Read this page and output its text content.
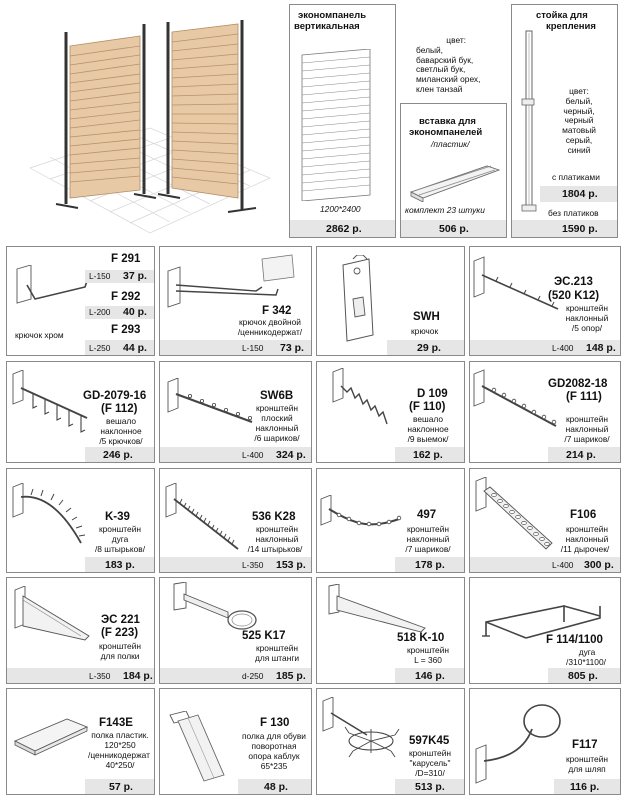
экономпанель
вертикальная
1200*2400
2862 р.
цвет:
белый,
баварский бук,
светлый бук,
миланский орех,
клен танзай
вставка для
экономпанелей
/пластик/
комплект 23 штуки
506 р.
стойка для
крепления
цвет:
белый,
черный,
черный
матовый
серый,
синий
с платиками
1804 р.
без платиков
1590 р.
F 291
L-150 37 р.
F 292
L-200 40 р.
F 293
крючок хром
L-250 44 р.
F 342
крючок двойной
/ценникодержат/
L-150 73 р.
SWH
крючок
29 р.
ЭС.213
(520 K12)
кронштейн
наклонный
/5 опор/
L-400 148 р.
GD-2079-16
(F 112)
вешало
наклонное
/5 крючков/
246 р.
SW6B
кронштейн
плоский
наклонный
/6 шариков/
L-400 324 р.
D 109
(F 110)
вешало
наклонное
/9 выемок/
162 р.
GD2082-18
(F 111)
кронштейн
наклонный
/7 шариков/
214 р.
K-39
кронштейн
дуга
/8 штырьков/
183 р.
536 K28
кронштейн
наклонный
/14 штырьков/
L-350 153 р.
497
кронштейн
наклонный
/7 шариков/
178 р.
F106
кронштейн
наклонный
/11 дырочек/
L-400 300 р.
ЭС 221
(F 223)
кронштейн
для полки
L-350 184 р.
525 K17
кронштейн
для штанги
d-250 185 р.
518 K-10
кронштейн
L = 360
146 р.
F 114/1100
дуга
/310*1100/
805 р.
F143E
полка пластик.
120*250
/ценникодержат
40*250/
57 р.
F 130
полка для обуви
поворотная
опора каблук
65*235
48 р.
597K45
кронштейн
"карусель"
/D=310/
513 р.
F117
кронштейн
для шляп
116 р.
